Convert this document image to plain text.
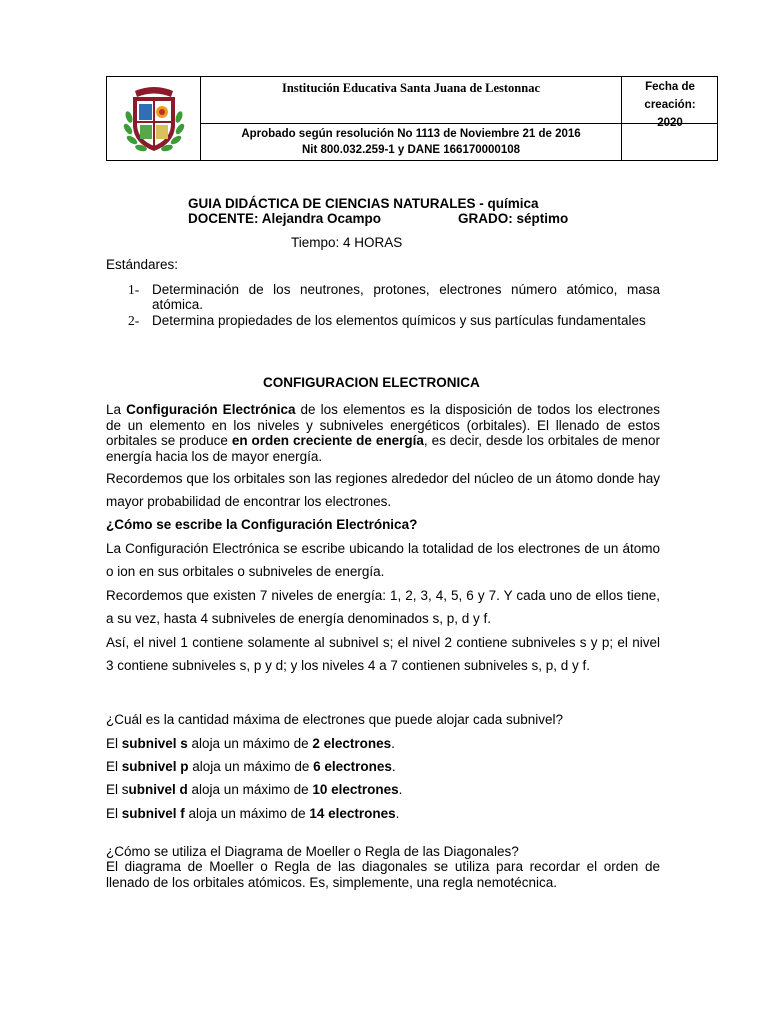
Institución Educativa Santa Juana de Lestonnac
Aprobado según resolución No 1113 de Noviembre 21 de 2016
Nit 800.032.259-1 y DANE 166170000108
Fecha de
creación:
2020
GUIA DIDÁCTICA DE CIENCIAS NATURALES - química
DOCENTE: Alejandra Ocampo	GRADO: séptimo
Tiempo: 4 HORAS
Estándares:
1- Determinación de los neutrones, protones, electrones número atómico, masa atómica.
2- Determina propiedades de los elementos químicos y sus partículas fundamentales
CONFIGURACION ELECTRONICA
La Configuración Electrónica de los elementos es la disposición de todos los electrones de un elemento en los niveles y subniveles energéticos (orbitales). El llenado de estos orbitales se produce en orden creciente de energía, es decir, desde los orbitales de menor energía hacia los de mayor energía.
Recordemos que los orbitales son las regiones alrededor del núcleo de un átomo donde hay mayor probabilidad de encontrar los electrones.
¿Cómo se escribe la Configuración Electrónica?
La Configuración Electrónica se escribe ubicando la totalidad de los electrones de un átomo o ion en sus orbitales o subniveles de energía.
Recordemos que existen 7 niveles de energía: 1, 2, 3, 4, 5, 6 y 7. Y cada uno de ellos tiene, a su vez, hasta 4 subniveles de energía denominados s, p, d y f.
Así, el nivel 1 contiene solamente al subnivel s; el nivel 2 contiene subniveles s y p; el nivel 3 contiene subniveles s, p y d; y los niveles 4 a 7 contienen subniveles s, p, d y f.
¿Cuál es la cantidad máxima de electrones que puede alojar cada subnivel?
El subnivel s aloja un máximo de 2 electrones.
El subnivel p aloja un máximo de 6 electrones.
El subnivel d aloja un máximo de 10 electrones.
El subnivel f aloja un máximo de 14 electrones.
¿Cómo se utiliza el Diagrama de Moeller o Regla de las Diagonales?
El diagrama de Moeller o Regla de las diagonales se utiliza para recordar el orden de llenado de los orbitales atómicos. Es, simplemente, una regla nemotécnica.
